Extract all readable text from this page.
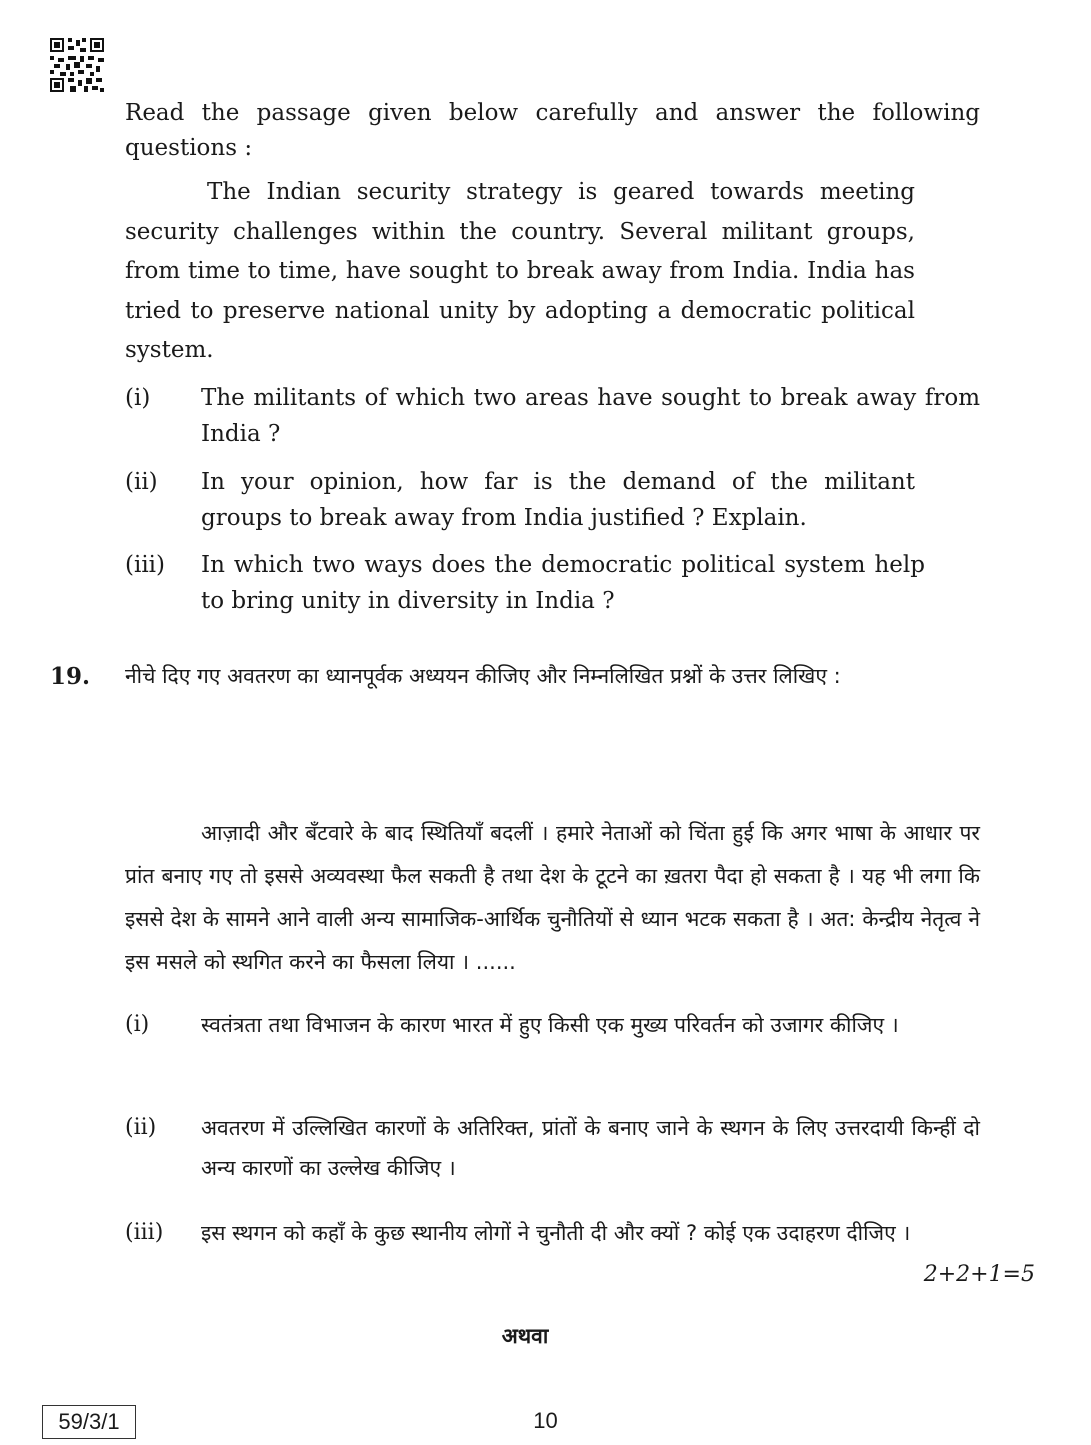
Read the passage given below carefully and answer the following questions :
The Indian security strategy is geared towards meeting security challenges within the country. Several militant groups, from time to time, have sought to break away from India. India has tried to preserve national unity by adopting a democratic political system.
(i)	The militants of which two areas have sought to break away from India ?
(ii)	In your opinion, how far is the demand of the militant groups to break away from India justified ? Explain.
(iii)	In which two ways does the democratic political system help to bring unity in diversity in India ?
19. नीचे दिए गए अवतरण का ध्यानपूर्वक अध्ययन कीजिए और निम्नलिखित प्रश्नों के उत्तर लिखिए :
आज़ादी और बँटवारे के बाद स्थितियाँ बदलीं । हमारे नेताओं को चिंता हुई कि अगर भाषा के आधार पर प्रांत बनाए गए तो इससे अव्यवस्था फैल सकती है तथा देश के टूटने का ख़तरा पैदा हो सकता है । यह भी लगा कि इससे देश के सामने आने वाली अन्य सामाजिक-आर्थिक चुनौतियों से ध्यान भटक सकता है । अत: केन्द्रीय नेतृत्व ने इस मसले को स्थगित करने का फैसला लिया । ......
(i) स्वतंत्रता तथा विभाजन के कारण भारत में हुए किसी एक मुख्य परिवर्तन को उजागर कीजिए ।
(ii) अवतरण में उल्लिखित कारणों के अतिरिक्त, प्रांतों के बनाए जाने के स्थगन के लिए उत्तरदायी किन्हीं दो अन्य कारणों का उल्लेख कीजिए ।
(iii) इस स्थगन को कहाँ के कुछ स्थानीय लोगों ने चुनौती दी और क्यों ? कोई एक उदाहरण दीजिए ।
2+2+1=5
अथवा
59/3/1	10
